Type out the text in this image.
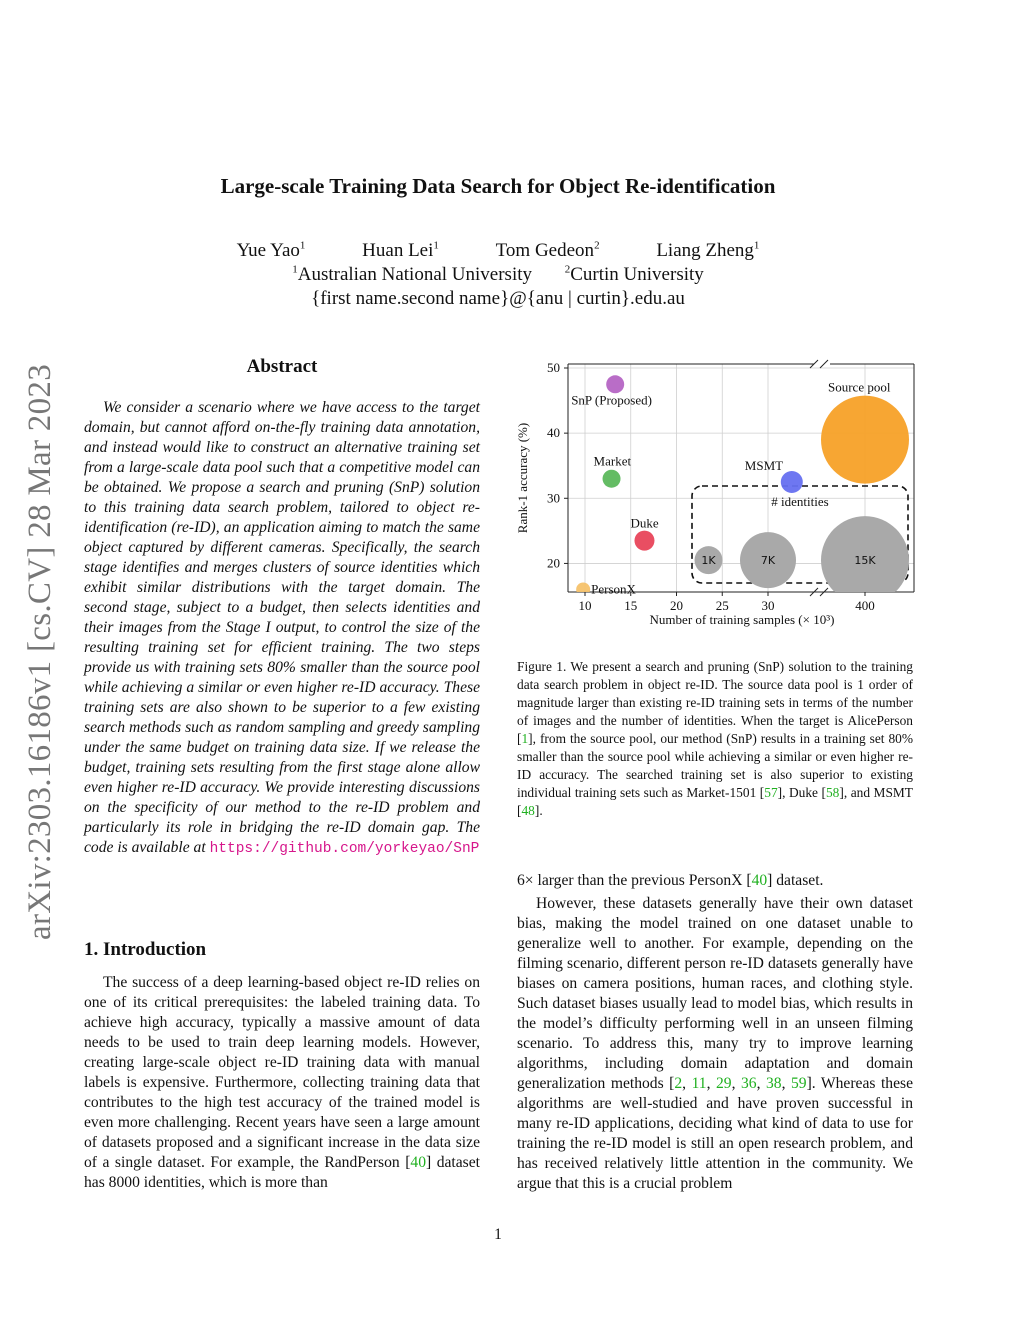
Large-scale Training Data Search for Object Re-identification
Yue Yao$^1$	Huan Lei$^1$	Tom Gedeon$^2$	Liang Zheng$^1$
$^1$Australian National University	$^2$Curtin University
{first name.second name}@{anu | curtin}.edu.au
arXiv:2303.16186v1 [cs.CV] 28 Mar 2023	Abstract
We consider a scenario where we have access to the target domain, but cannot afford on-the-fly training data annotation, and instead would like to construct an alternative training set from a large-scale data pool such that a competitive model can be obtained. We propose a search and pruning (SnP) solution to this training data search problem, tailored to object re-identification (re-ID), an application aiming to match the same object captured by different cameras. Specifically, the search stage identifies and merges clusters of source identities which exhibit similar distributions with the target domain. The second stage, subject to a budget, then selects identities and their images from the Stage I output, to control the size of the resulting training set for efficient training. The two steps provide us with training sets 80% smaller than the source pool while achieving a similar or even higher re-ID accuracy. These training sets are also shown to be superior to a few existing search methods such as random sampling and greedy sampling under the same budget on training data size. If we release the budget, training sets resulting from the first stage alone allow even higher re-ID accuracy. We provide interesting discussions on the specificity of our method to the re-ID problem and particularly its role in bridging the re-ID domain gap. The code is available at https://github.com/yorkeyao/SnP
1. Introduction
The success of a deep learning-based object re-ID relies on one of its critical prerequisites: the labeled training data. To achieve high accuracy, typically a massive amount of data needs to be used to train deep learning models. However, creating large-scale object re-ID training data with manual labels is expensive. Furthermore, collecting training data that contributes to the high test accuracy of the trained model is even more challenging. Recent years have seen a large amount of datasets proposed and a significant increase in the data size of a single dataset. For example, the RandPerson [40] dataset has 8000 identities, which is more than
20
30
40
50
10	15	20	25	30	400
Number of training samples (× 10³)
Rank-1 accuracy (%)	# identities
SnP (Proposed)
Market
Duke
PersonX
MSMT
Source pool
1K	7K	15K
Figure 1. We present a search and pruning (SnP) solution to the training data search problem in object re-ID. The source data pool is 1 order of magnitude larger than existing re-ID training sets in terms of the number of images and the number of identities. When the target is AlicePerson [1], from the source pool, our method (SnP) results in a training set 80% smaller than the source pool while achieving a similar or even higher re-ID accuracy. The searched training set is also superior to existing individual training sets such as Market-1501 [57], Duke [58], and MSMT [48].
6× larger than the previous PersonX [40] dataset.
However, these datasets generally have their own dataset bias, making the model trained on one dataset unable to generalize well to another. For example, depending on the filming scenario, different person re-ID datasets generally have biases on camera positions, human races, and clothing style. Such dataset biases usually lead to model bias, which results in the model’s difficulty performing well in an unseen filming scenario. To address this, many try to improve learning algorithms, including domain adaptation and domain generalization methods [2, 11, 29, 36, 38, 59]. Whereas these algorithms are well-studied and have proven successful in many re-ID applications, deciding what kind of data to use for training the re-ID model is still an open research problem, and has received relatively little attention in the community. We argue that this is a crucial problem
1
